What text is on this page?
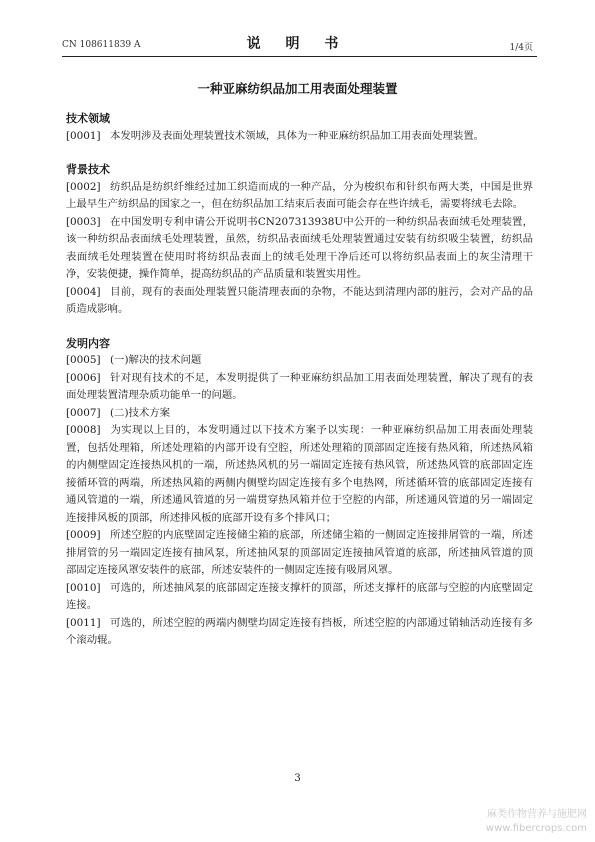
CN 108611839 A	说 明 书	1/4页
一种亚麻纺织品加工用表面处理装置
技术领域
[0001] 本发明涉及表面处理装置技术领域，具体为一种亚麻纺织品加工用表面处理装置。
背景技术
[0002] 纺织品是纺织纤维经过加工织造而成的一种产品，分为梭织布和针织布两大类，中国是世界上最早生产纺织品的国家之一，但在纺织品加工结束后表面可能会存在些许绒毛，需要将绒毛去除。
[0003] 在中国发明专利申请公开说明书CN207313938U中公开的一种纺织品表面绒毛处理装置，该一种纺织品表面绒毛处理装置，虽然，纺织品表面绒毛处理装置通过安装有纺织吸尘装置，纺织品表面绒毛处理装置在使用时将纺织品表面上的绒毛处理干净后还可以将纺织品表面上的灰尘清理干净，安装便捷，操作简单，提高纺织品的产品质量和装置实用性。
[0004] 目前，现有的表面处理装置只能清理表面的杂物，不能达到清理内部的脏污，会对产品的品质造成影响。
发明内容
[0005] (一)解决的技术问题
[0006] 针对现有技术的不足，本发明提供了一种亚麻纺织品加工用表面处理装置，解决了现有的表面处理装置清理杂质功能单一的问题。
[0007] (二)技术方案
[0008] 为实现以上目的，本发明通过以下技术方案予以实现：一种亚麻纺织品加工用表面处理装置，包括处理箱，所述处理箱的内部开设有空腔，所述处理箱的顶部固定连接有热风箱，所述热风箱的内侧壁固定连接热风机的一端，所述热风机的另一端固定连接有热风管，所述热风管的底部固定连接循环管的两端，所述热风箱的两侧内侧壁均固定连接有多个电热网，所述循环管的底部固定连接有通风管道的一端，所述通风管道的另一端贯穿热风箱并位于空腔的内部，所述通风管道的另一端固定连接排风板的顶部，所述排风板的底部开设有多个排风口；
[0009] 所述空腔的内底壁固定连接储尘箱的底部，所述储尘箱的一侧固定连接排屑管的一端，所述排屑管的另一端固定连接有抽风泵，所述抽风泵的顶部固定连接抽风管道的底部，所述抽风管道的顶部固定连接风罩安装件的底部，所述安装件的一侧固定连接有吸屑风罩。
[0010] 可选的，所述抽风泵的底部固定连接支撑杆的顶部，所述支撑杆的底部与空腔的内底壁固定连接。
[0011] 可选的，所述空腔的两端内侧壁均固定连接有挡板，所述空腔的内部通过销轴活动连接有多个滚动辊。
3
麻类作物营养与施肥网
www.fibercrops.com
